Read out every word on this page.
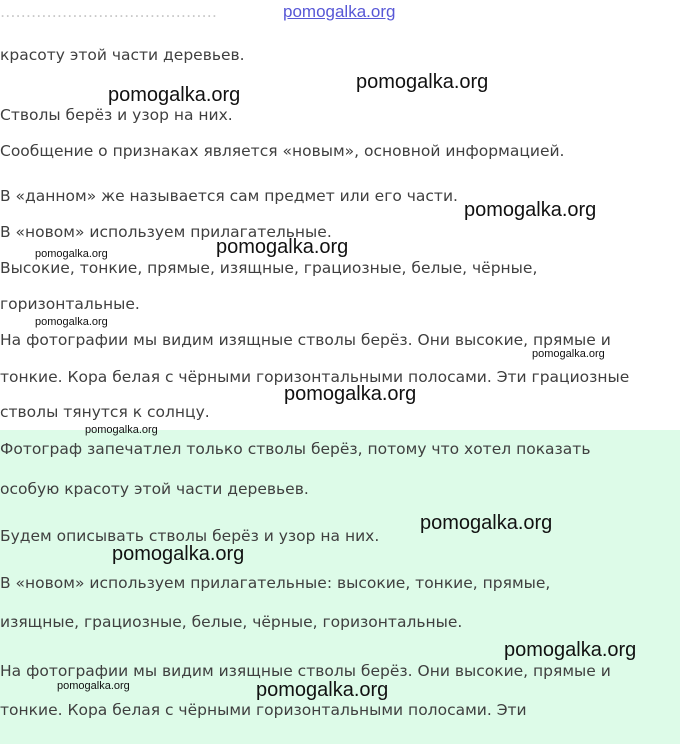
……………………………………
красоту этой части деревьев.
Стволы берёз и узор на них.
Сообщение о признаках является «новым», основной информацией.
В «данном» же называется сам предмет или его части.
В «новом» используем прилагательные.
Высокие, тонкие, прямые, изящные, грациозные, белые, чёрные,
горизонтальные.
На фотографии мы видим изящные стволы берёз. Они высокие, прямые и
тонкие. Кора белая с чёрными горизонтальными полосами. Эти грациозные
стволы тянутся к солнцу.
Фотограф запечатлел только стволы берёз, потому что хотел показать
особую красоту этой части деревьев.
Будем описывать стволы берёз и узор на них.
В «новом» используем прилагательные: высокие, тонкие, прямые,
изящные, грациозные, белые, чёрные, горизонтальные.
На фотографии мы видим изящные стволы берёз. Они высокие, прямые и
тонкие. Кора белая с чёрными горизонтальными полосами. Эти
pomogalka.org
pomogalka.org
pomogalka.org
pomogalka.org
pomogalka.org
pomogalka.org
pomogalka.org
pomogalka.org
pomogalka.org
pomogalka.org
pomogalka.org
pomogalka.org
pomogalka.org
pomogalka.org	pomogalka.org
